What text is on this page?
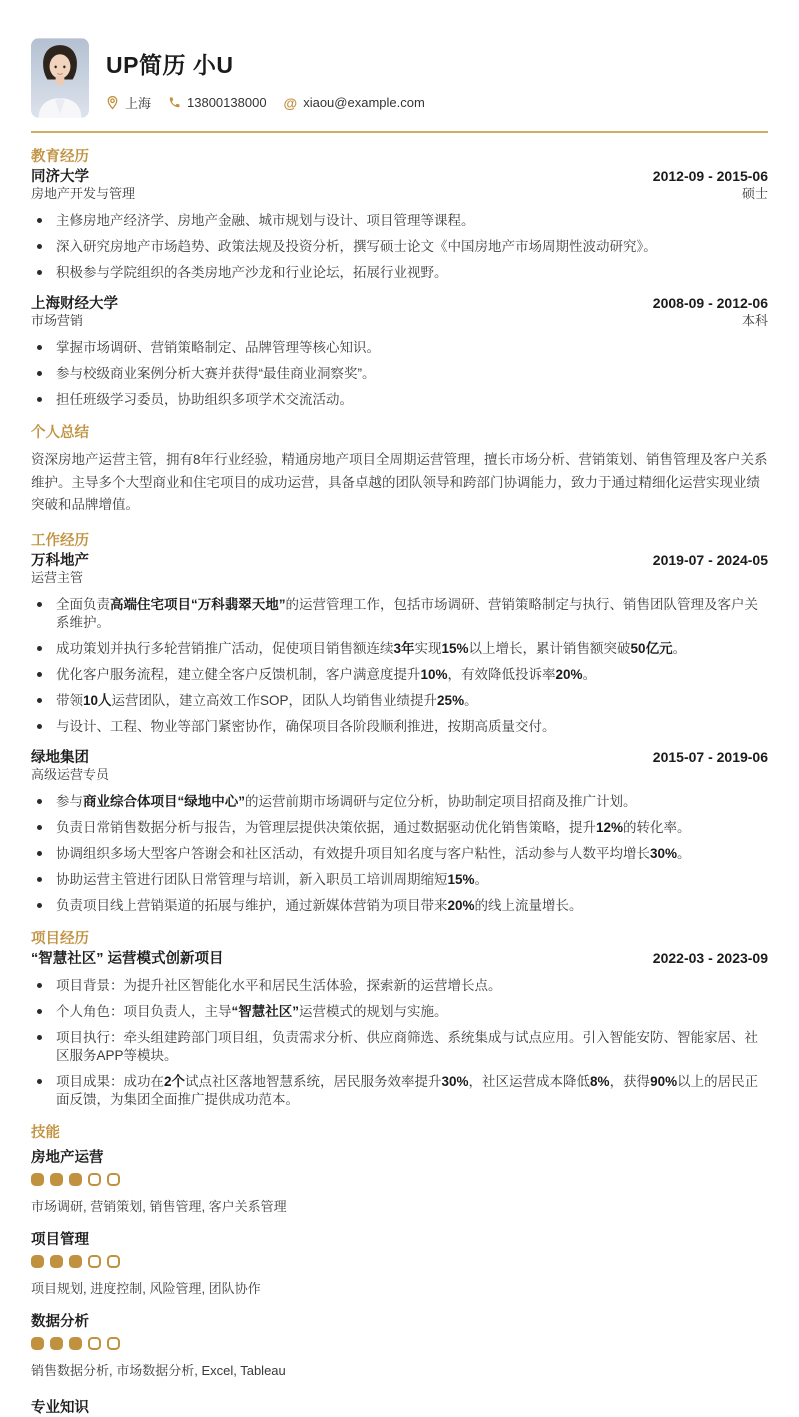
UP简历 小U
上海	13800138000 @ xiaou@example.com
教育经历
同济大学	2012-09 - 2015-06
房地产开发与管理	硕士
主修房地产经济学、房地产金融、城市规划与设计、项目管理等课程。
深入研究房地产市场趋势、政策法规及投资分析，撰写硕士论文《中国房地产市场周期性波动研究》。
积极参与学院组织的各类房地产沙龙和行业论坛，拓展行业视野。
上海财经大学	2008-09 - 2012-06
市场营销	本科
掌握市场调研、营销策略制定、品牌管理等核心知识。
参与校级商业案例分析大赛并获得“最佳商业洞察奖”。
担任班级学习委员，协助组织多项学术交流活动。
个人总结
资深房地产运营主管，拥有8年行业经验，精通房地产项目全周期运营管理，擅长市场分析、营销策划、销售管理及客户关系维护。主导多个大型商业和住宅项目的成功运营，具备卓越的团队领导和跨部门协调能力，致力于通过精细化运营实现业绩突破和品牌增值。
工作经历
万科地产	2019-07 - 2024-05
运营主管
全面负责高端住宅项目“万科翡翠天地”的运营管理工作，包括市场调研、营销策略制定与执行、销售团队管理及客户关系维护。
成功策划并执行多轮营销推广活动，促使项目销售额连续3年实现15%以上增长，累计销售额突破50亿元。
优化客户服务流程，建立健全客户反馈机制，客户满意度提升10%，有效降低投诉率20%。
带领10人运营团队，建立高效工作SOP，团队人均销售业绩提升25%。
与设计、工程、物业等部门紧密协作，确保项目各阶段顺利推进，按期高质量交付。
绿地集团	2015-07 - 2019-06
高级运营专员
参与商业综合体项目“绿地中心”的运营前期市场调研与定位分析，协助制定项目招商及推广计划。
负责日常销售数据分析与报告，为管理层提供决策依据，通过数据驱动优化销售策略，提升12%的转化率。
协调组织多场大型客户答谢会和社区活动，有效提升项目知名度与客户粘性，活动参与人数平均增长30%。
协助运营主管进行团队日常管理与培训，新入职员工培训周期缩短15%。
负责项目线上营销渠道的拓展与维护，通过新媒体营销为项目带来20%的线上流量增长。
项目经历
“智慧社区” 运营模式创新项目	2022-03 - 2023-09
项目背景：为提升社区智能化水平和居民生活体验，探索新的运营增长点。
个人角色：项目负责人，主导“智慧社区”运营模式的规划与实施。
项目执行：牵头组建跨部门项目组，负责需求分析、供应商筛选、系统集成与试点应用。引入智能安防、智能家居、社区服务APP等模块。
项目成果：成功在2个试点社区落地智慧系统，居民服务效率提升30%，社区运营成本降低8%，获得90%以上的居民正面反馈，为集团全面推广提供成功范本。
技能
房地产运营
市场调研, 营销策划, 销售管理, 客户关系管理
项目管理
项目规划, 进度控制, 风险管理, 团队协作
数据分析
销售数据分析, 市场数据分析, Excel, Tableau
专业知识
